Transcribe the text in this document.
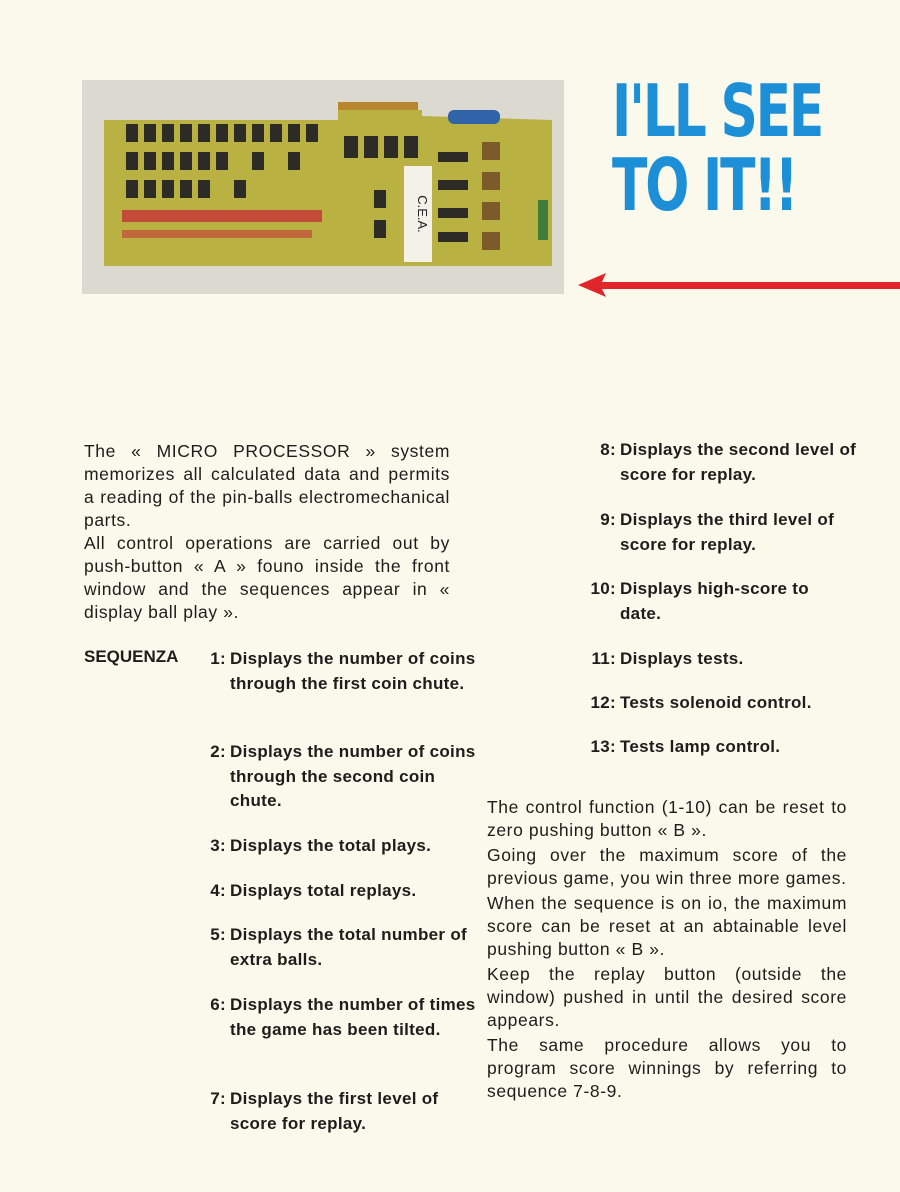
C.E.A.
I'LL SEE
TO IT!!

The « MICRO PROCESSOR » system memorizes all calculated data and permits a reading of the pin-balls electromechanical parts.

All control operations are carried out by push-button « A » founo inside the front window and the sequences appear in « display ball play ».

SEQUENZA	1: Displays the number of coins through the first coin chute.
2: Displays the number of coins through the second coin chute.
3: Displays the total plays.
4: Displays total replays.
5: Displays the total number of extra balls.
6: Displays the number of times the game has been tilted.
7: Displays the first level of score for replay.
8: Displays the second level of score for replay.
9: Displays the third level of score for replay.
10: Displays high-score to date.
11: Displays tests.
12: Tests solenoid control.
13: Tests lamp control.

The control function (1-10) can be reset to zero pushing button « B ».

Going over the maximum score of the previous game, you win three more games.

When the sequence is on io, the maximum score can be reset at an abtainable level pushing button « B ».

Keep the replay button (outside the window) pushed in until the desired score appears.

The same procedure allows you to program score winnings by referring to sequence 7-8-9.
